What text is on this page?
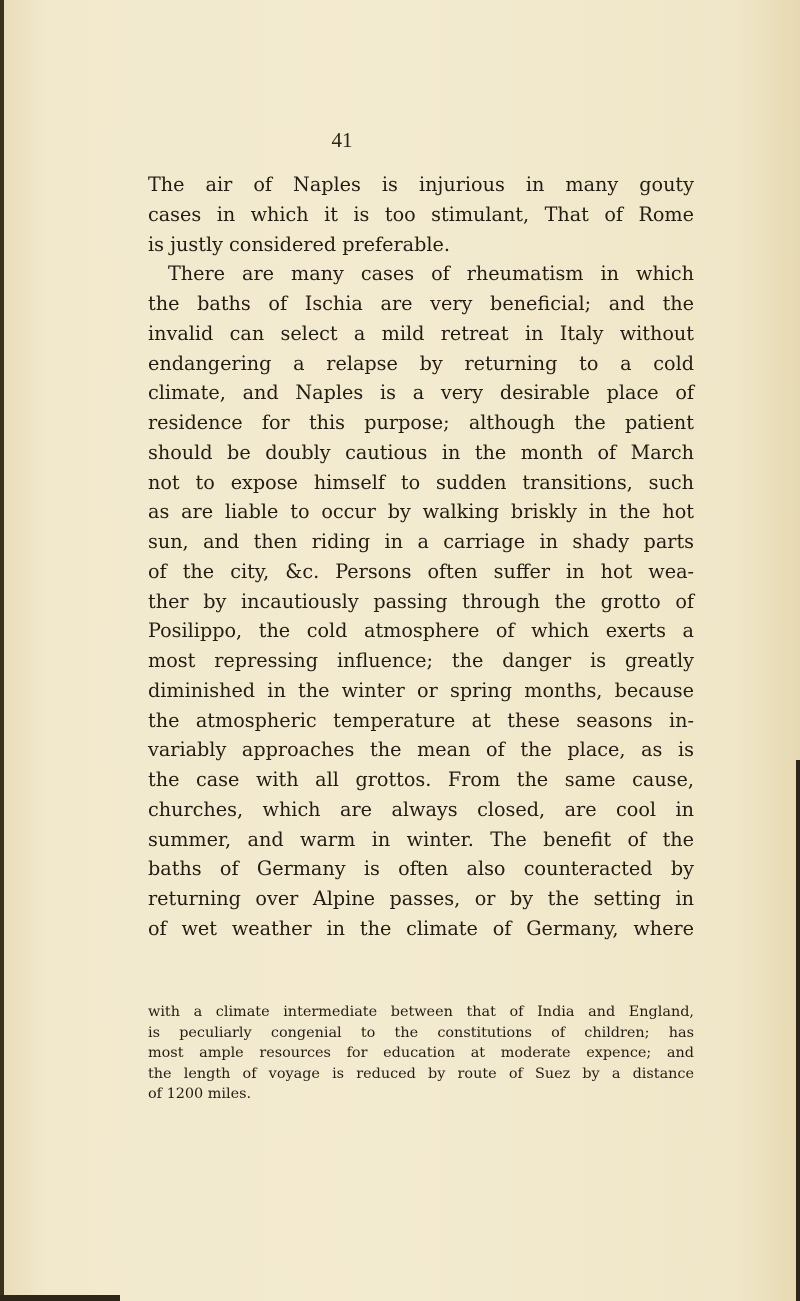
41

The air of Naples is injurious in many gouty
cases in which it is too stimulant, That of Rome
is justly considered preferable.

There are many cases of rheumatism in which
the baths of Ischia are very beneficial; and the
invalid can select a mild retreat in Italy without
endangering a relapse by returning to a cold
climate, and Naples is a very desirable place of
residence for this purpose; although the patient
should be doubly cautious in the month of March
not to expose himself to sudden transitions, such
as are liable to occur by walking briskly in the hot
sun, and then riding in a carriage in shady parts
of the city, &c. Persons often suffer in hot wea-
ther by incautiously passing through the grotto of
Posilippo, the cold atmosphere of which exerts a
most repressing influence; the danger is greatly
diminished in the winter or spring months, because
the atmospheric temperature at these seasons in-
variably approaches the mean of the place, as is
the case with all grottos. From the same cause,
churches, which are always closed, are cool in
summer, and warm in winter. The benefit of the
baths of Germany is often also counteracted by
returning over Alpine passes, or by the setting in
of wet weather in the climate of Germany, where

with a climate intermediate between that of India and England,
is peculiarly congenial to the constitutions of children; has
most ample resources for education at moderate expence; and
the length of voyage is reduced by route of Suez by a distance
of 1200 miles.
